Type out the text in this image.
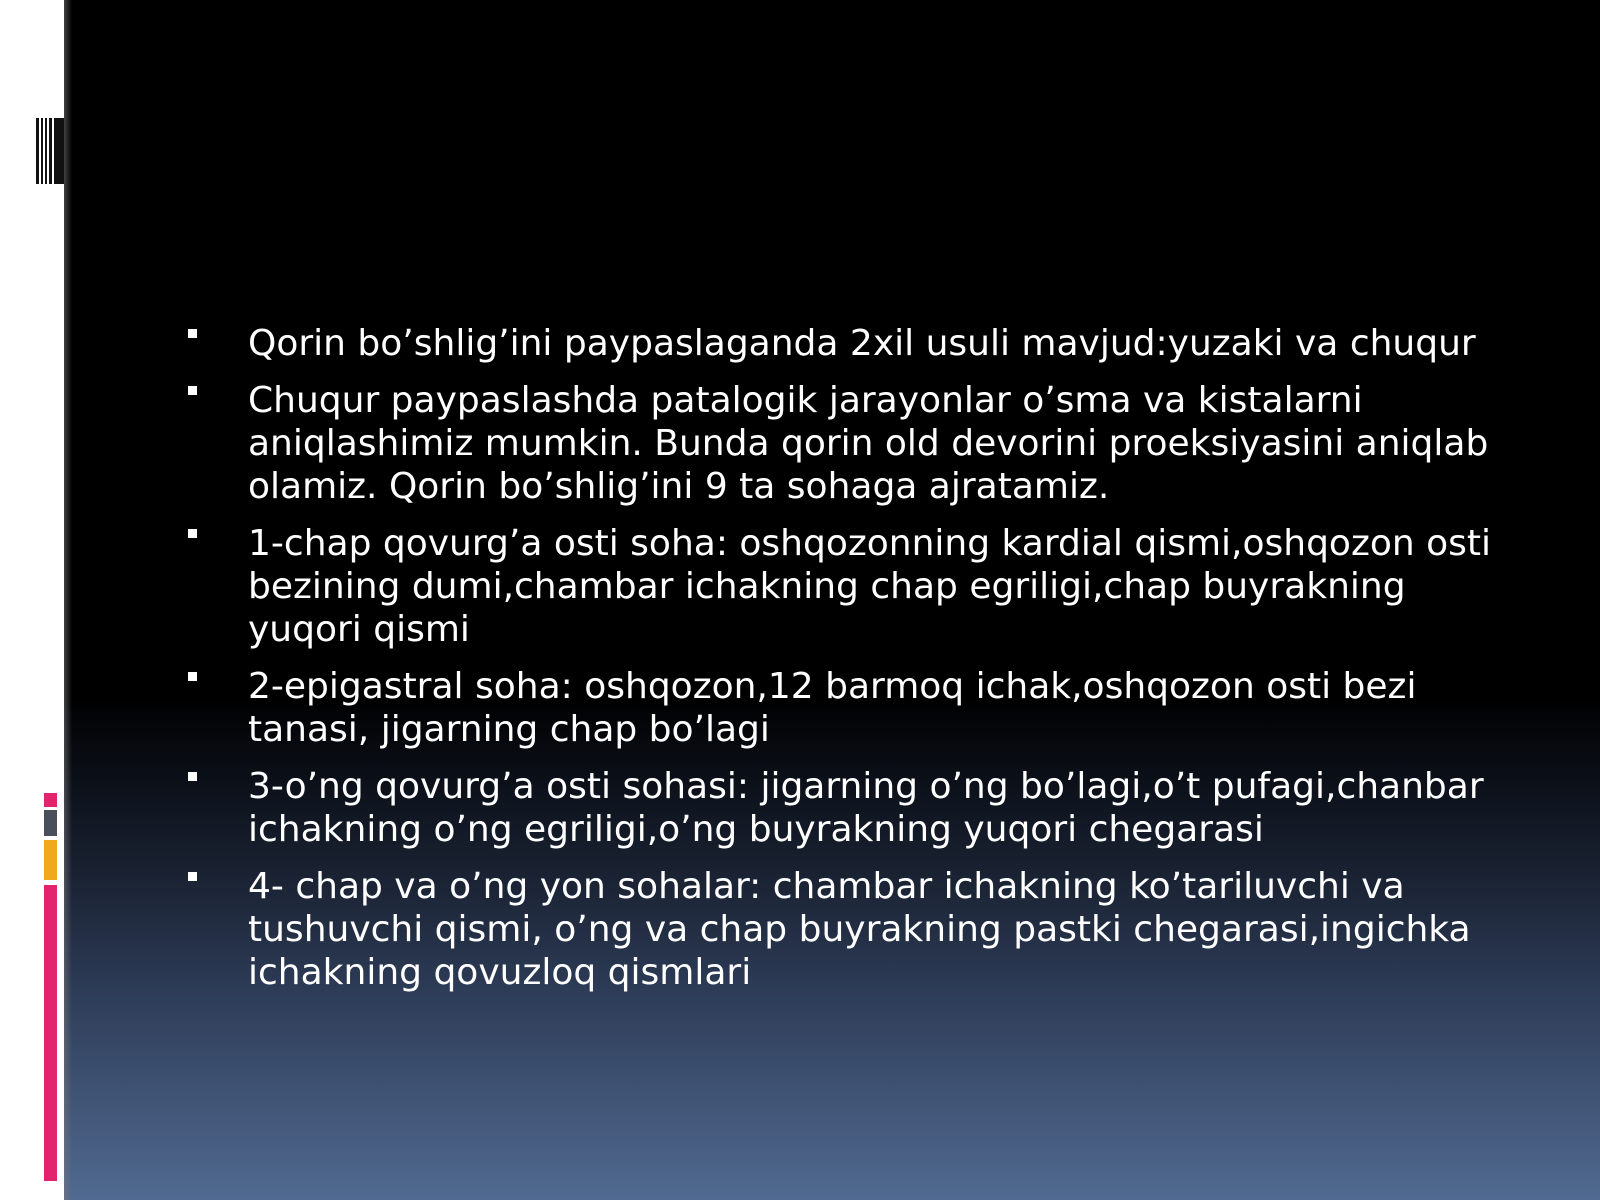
Qorin bo’shlig’ini paypaslaganda 2xil usuli mavjud:yuzaki va chuqur
Chuqur paypaslashda patalogik jarayonlar o’sma va kistalarni aniqlashimiz mumkin. Bunda qorin old devorini proeksiyasini aniqlab olamiz. Qorin bo’shlig’ini 9 ta sohaga ajratamiz.
1-chap qovurg’a osti soha: oshqozonning kardial qismi,oshqozon osti bezining dumi,chambar ichakning chap egriligi,chap buyrakning yuqori qismi
2-epigastral soha: oshqozon,12 barmoq ichak,oshqozon osti bezi tanasi, jigarning chap bo’lagi
3-o’ng qovurg’a osti sohasi: jigarning o’ng bo’lagi,o’t pufagi,chanbar ichakning o’ng egriligi,o’ng buyrakning yuqori chegarasi
4- chap va o’ng yon sohalar: chambar ichakning ko’tariluvchi va tushuvchi qismi, o’ng va chap buyrakning pastki chegarasi,ingichka ichakning qovuzloq qismlari
